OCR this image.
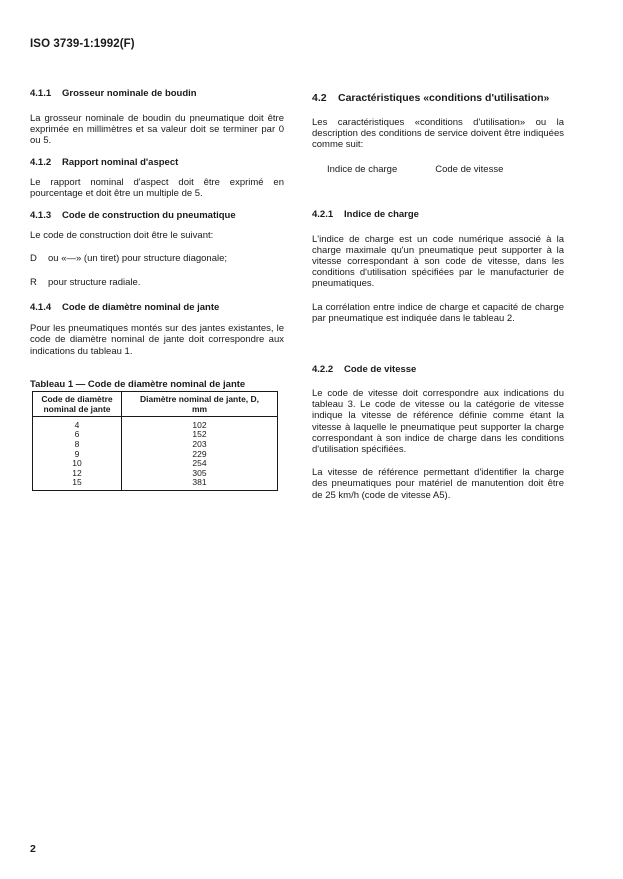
ISO 3739-1:1992(F)
4.1.1 Grosseur nominale de boudin

La grosseur nominale de boudin du pneumatique doit être exprimée en millimètres et sa valeur doit se terminer par 0 ou 5.

4.1.2 Rapport nominal d'aspect

Le rapport nominal d'aspect doit être exprimé en pourcentage et doit être un multiple de 5.

4.1.3 Code de construction du pneumatique

Le code de construction doit être le suivant:

D	ou «—» (un tiret) pour structure diagonale;
R	pour structure radiale.
4.1.4 Code de diamètre nominal de jante

Pour les pneumatiques montés sur des jantes existantes, le code de diamètre nominal de jante doit correspondre aux indications du tableau 1.

Tableau 1 — Code de diamètre nominal de jante
Code de diamètre nominal de jante	Diamètre nominal de jante, D,
mm
4	102
6	152
8	203
9	229
10	254
12	305
15	381
4.2 Caractéristiques «conditions d'utilisation»

Les caractéristiques «conditions d'utilisation» ou la description des conditions de service doivent être indiquées comme suit:

Indice de charge	Code de vitesse
4.2.1 Indice de charge

L'indice de charge est un code numérique associé à la charge maximale qu'un pneumatique peut supporter à la vitesse correspondant à son code de vitesse, dans les conditions d'utilisation spécifiées par le manufacturier de pneumatiques.

La corrélation entre indice de charge et capacité de charge par pneumatique est indiquée dans le tableau 2.

4.2.2 Code de vitesse

Le code de vitesse doit correspondre aux indications du tableau 3. Le code de vitesse ou la catégorie de vitesse indique la vitesse de référence définie comme étant la vitesse à laquelle le pneumatique peut supporter la charge correspondant à son indice de charge dans les conditions d'utilisation spécifiées.

La vitesse de référence permettant d'identifier la charge des pneumatiques pour matériel de manutention doit être de 25 km/h (code de vitesse A5).

2
